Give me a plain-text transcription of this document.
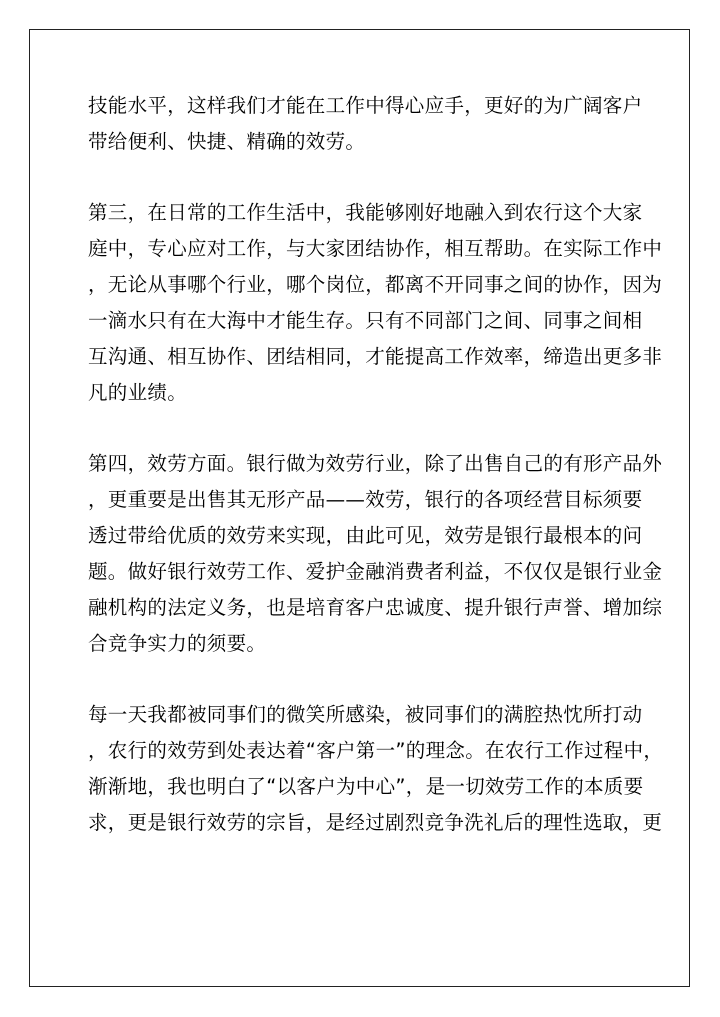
技能水平，这样我们才能在工作中得心应手，更好的为广阔客户
带给便利、快捷、精确的效劳。
第三，在日常的工作生活中，我能够刚好地融入到农行这个大家
庭中，专心应对工作，与大家团结协作，相互帮助。在实际工作中
，无论从事哪个行业，哪个岗位，都离不开同事之间的协作，因为
一滴水只有在大海中才能生存。只有不同部门之间、同事之间相
互沟通、相互协作、团结相同，才能提高工作效率，缔造出更多非
凡的业绩。
第四，效劳方面。银行做为效劳行业，除了出售自己的有形产品外
，更重要是出售其无形产品——效劳，银行的各项经营目标须要
透过带给优质的效劳来实现，由此可见，效劳是银行最根本的问
题。做好银行效劳工作、爱护金融消费者利益，不仅仅是银行业金
融机构的法定义务，也是培育客户忠诚度、提升银行声誉、增加综
合竞争实力的须要。
每一天我都被同事们的微笑所感染，被同事们的满腔热忱所打动
，农行的效劳到处表达着“客户第一”的理念。在农行工作过程中，
渐渐地，我也明白了“以客户为中心”，是一切效劳工作的本质要
求，更是银行效劳的宗旨，是经过剧烈竞争洗礼后的理性选取，更
